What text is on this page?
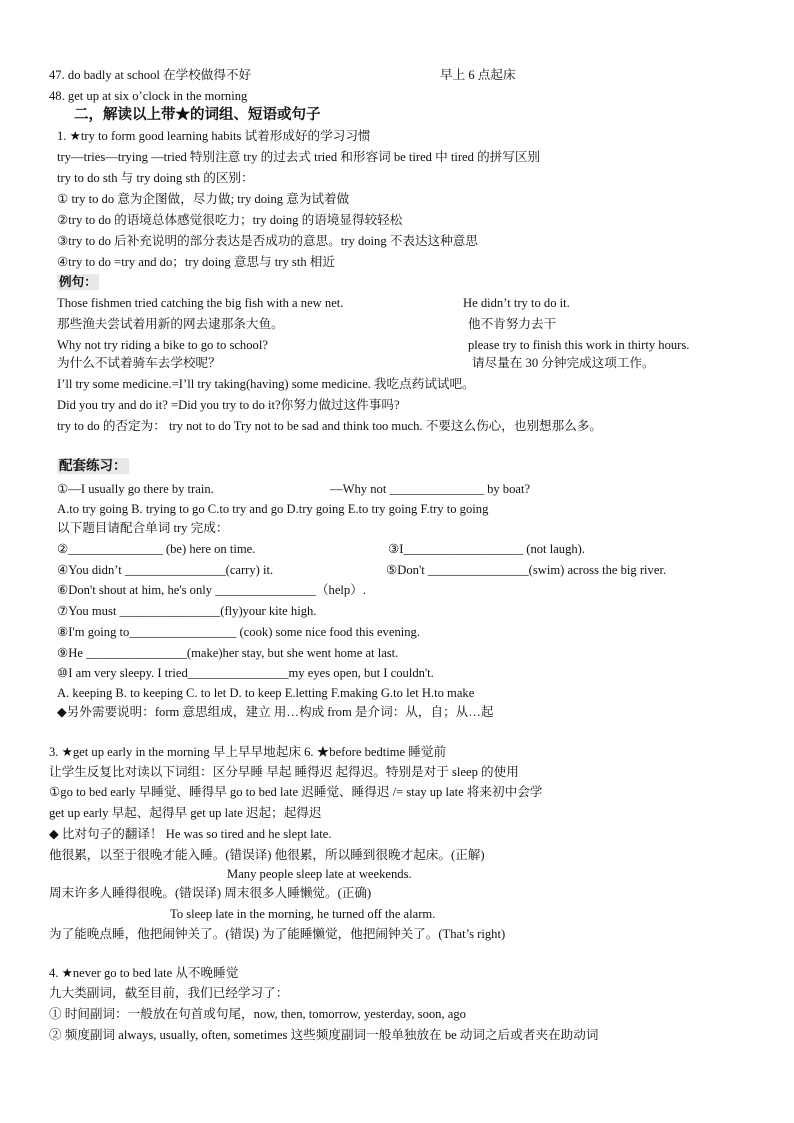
47. do badly at school 在学校做得不好	早上 6 点起床
48. get up at six o’clock in the morning
二，解读以上带★的词组、短语或句子
1. ★try to form good learning habits 试着形成好的学习习惯
try—tries—trying —tried 特别注意 try 的过去式 tried 和形容词 be tired 中 tired 的拼写区别
try to do sth 与 try doing sth 的区别：
① try to do 意为企图做，尽力做; try doing 意为试着做
②try to do 的语境总体感觉很吃力；try doing 的语境显得较轻松
③try to do 后补充说明的部分表达是否成功的意思。try doing 不表达这种意思
④try to do =try and do；try doing 意思与 try sth 相近
例句：
Those fishmen tried catching the big fish with a new net.	He didn’t try to do it.
那些渔夫尝试着用新的网去逮那条大鱼。	他不肯努力去干
Why not try riding a bike to go to school?	please try to finish this work in thirty hours.
为什么不试着骑车去学校呢？	请尽量在 30 分钟完成这项工作。
I’ll try some medicine.=I’ll try taking(having) some medicine. 我吃点药试试吧。
Did you try and do it? =Did you try to do it?你努力做过这件事吗?
try to do 的否定为： try not to do Try not to be sad and think too much. 不要这么伤心，也别想那么多。
配套练习：
①—I usually go there by train.	—Why not _______________ by boat?
A.to try going B. trying to go C.to try and go D.try going E.to try going F.try to going
以下题目请配合单词 try 完成：
②_______________ (be) here on time.	③I___________________ (not laugh).
④You didn’t ________________(carry) it.	⑤Don't ________________(swim) across the big river.
⑥Don't shout at him, he's only ________________（help）.
⑦You must ________________(fly)your kite high.
⑧I'm going to_________________ (cook) some nice food this evening.
⑨He ________________(make)her stay, but she went home at last.
⑩I am very sleepy. I tried________________my eyes open, but I couldn't.
A. keeping B. to keeping C. to let D. to keep E.letting F.making G.to let H.to make
◆另外需要说明：form 意思组成，建立 用…构成 from 是介词：从，自；从…起
3. ★get up early in the morning 早上早早地起床 6. ★before bedtime 睡觉前
让学生反复比对读以下词组：区分早睡 早起 睡得迟 起得迟。特别是对于 sleep 的使用
①go to bed early 早睡觉、睡得早 go to bed late 迟睡觉、睡得迟 /= stay up late 将来初中会学
get up early 早起、起得早 get up late 迟起；起得迟
◆ 比对句子的翻译！ He was so tired and he slept late.
他很累，以至于很晚才能入睡。(错误译) 他很累，所以睡到很晚才起床。(正解)
Many people sleep late at weekends.
周末许多人睡得很晚。(错误译) 周末很多人睡懒觉。(正确)
To sleep late in the morning, he turned off the alarm.
为了能晚点睡，他把闹钟关了。(错误) 为了能睡懒觉，他把闹钟关了。(That’s right)
4. ★never go to bed late 从不晚睡觉
九大类副词，截至目前，我们已经学习了：
① 时间副词：一般放在句首或句尾，now, then, tomorrow, yesterday, soon, ago
② 频度副词 always, usually, often, sometimes 这些频度副词一般单独放在 be 动词之后或者夹在助动词
